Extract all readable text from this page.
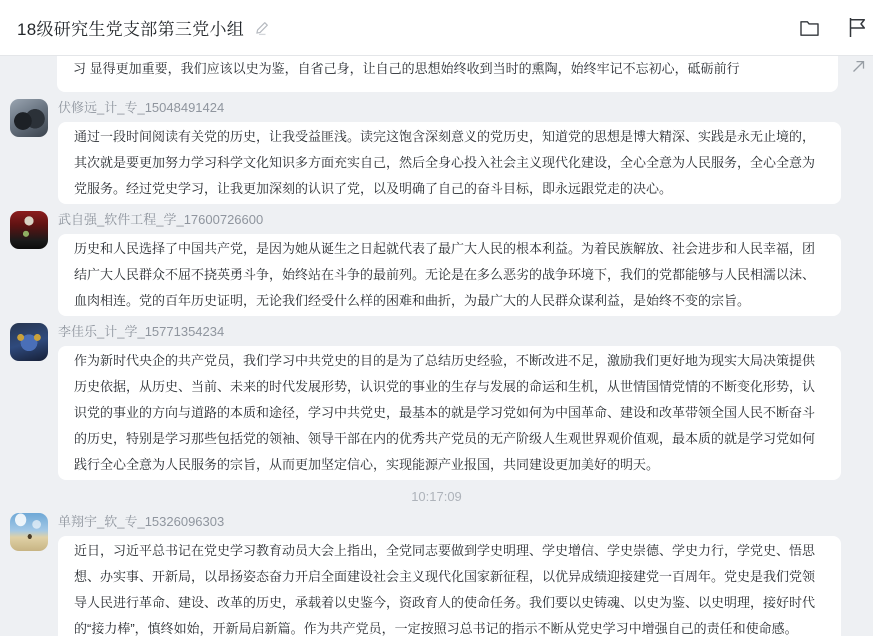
18级研究生党支部第三党小组
习 显得更加重要，我们应该以史为鉴，自省己身，让自己的思想始终收到当时的熏陶，始终牢记不忘初心，砥砺前行
伏修远_计_专_15048491424
通过一段时间阅读有关党的历史，让我受益匪浅。读完这饱含深刻意义的党历史，知道党的思想是博大精深、实践是永无止境的，其次就是要更加努力学习科学文化知识多方面充实自己，然后全身心投入社会主义现代化建设，全心全意为人民服务，全心全意为党服务。经过党史学习，让我更加深刻的认识了党，以及明确了自己的奋斗目标，即永远跟党走的决心。
武自强_软件工程_学_17600726600
历史和人民选择了中国共产党，是因为她从诞生之日起就代表了最广大人民的根本利益。为着民族解放、社会进步和人民幸福，团结广大人民群众不屈不挠英勇斗争，始终站在斗争的最前列。无论是在多么恶劣的战争环境下，我们的党都能够与人民相濡以沫、血肉相连。党的百年历史证明，无论我们经受什么样的困难和曲折，为最广大的人民群众谋利益，是始终不变的宗旨。
李佳乐_计_学_15771354234
作为新时代央企的共产党员，我们学习中共党史的目的是为了总结历史经验，不断改进不足，激励我们更好地为现实大局决策提供历史依据，从历史、当前、未来的时代发展形势，认识党的事业的生存与发展的命运和生机，从世情国情党情的不断变化形势，认识党的事业的方向与道路的本质和途径，学习中共党史，最基本的就是学习党如何为中国革命、建设和改革带领全国人民不断奋斗的历史，特别是学习那些包括党的领袖、领导干部在内的优秀共产党员的无产阶级人生观世界观价值观，最本质的就是学习党如何践行全心全意为人民服务的宗旨，从而更加坚定信心，实现能源产业报国，共同建设更加美好的明天。
10:17:09
单翔宇_软_专_15326096303
近日，习近平总书记在党史学习教育动员大会上指出，全党同志要做到学史明理、学史增信、学史崇德、学史力行，学党史、悟思想、办实事、开新局，以昂扬姿态奋力开启全面建设社会主义现代化国家新征程，以优异成绩迎接建党一百周年。党史是我们党领导人民进行革命、建设、改革的历史，承载着以史鉴今，资政育人的使命任务。我们要以史铸魂、以史为鉴、以史明理，接好时代的“接力棒”，慎终如始，开新局启新篇。作为共产党员，一定按照习总书记的指示不断从党史学习中增强自己的责任和使命感。
